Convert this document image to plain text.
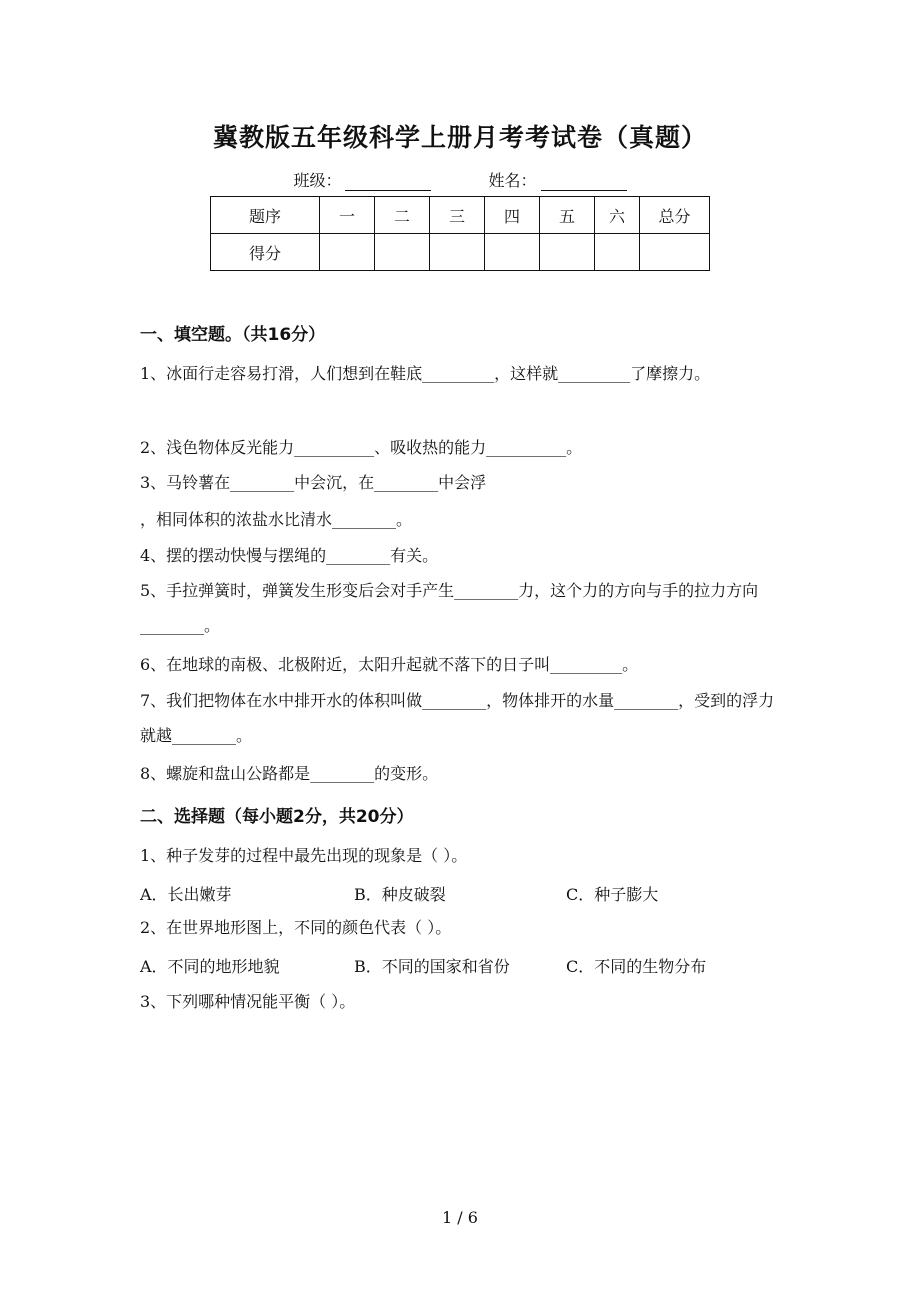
冀教版五年级科学上册月考考试卷（真题）
班级：	姓名：
题序	一	二	三	四	五	六	总分
得分							
一、填空题。（共16分）
1、冰面行走容易打滑，人们想到在鞋底_________，这样就_________了摩擦力。
2、浅色物体反光能力__________、吸收热的能力__________。
3、马铃薯在________中会沉，在________中会浮
，相同体积的浓盐水比清水________。
4、摆的摆动快慢与摆绳的________有关。
5、手拉弹簧时，弹簧发生形变后会对手产生________力，这个力的方向与手的拉力方向 ________。
6、在地球的南极、北极附近，太阳升起就不落下的日子叫_________。
7、我们把物体在水中排开水的体积叫做________，物体排开的水量________，受到的浮力就越________。
8、螺旋和盘山公路都是________的变形。
二、选择题（每小题2分，共20分）
1、种子发芽的过程中最先出现的现象是（ ）。
A．长出嫩芽	B．种皮破裂	C．种子膨大
2、在世界地形图上，不同的颜色代表（ ）。
A．不同的地形地貌	B．不同的国家和省份	C．不同的生物分布
3、下列哪种情况能平衡（ ）。
1 / 6
